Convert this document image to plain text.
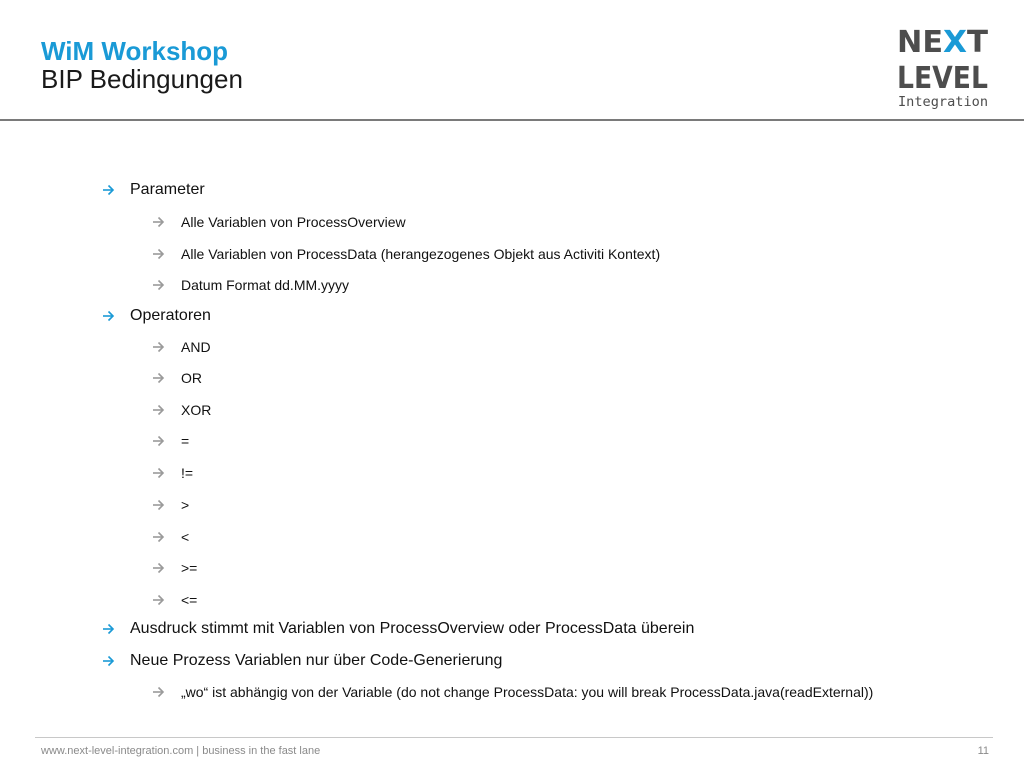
WiM Workshop
BIP Bedingungen
NE X T
LEVEL
Integration
Parameter
Alle Variablen von ProcessOverview
Alle Variablen von ProcessData (herangezogenes Objekt aus Activiti Kontext)
Datum Format dd.MM.yyyy
Operatoren
AND
OR
XOR
=
!=
>
<
>=
<=
Ausdruck stimmt mit Variablen von ProcessOverview oder ProcessData überein
Neue Prozess Variablen nur über Code-Generierung
„wo“ ist abhängig von der Variable (do not change ProcessData: you will break ProcessData.java(readExternal))
www.next-level-integration.com | business in the fast lane	11
